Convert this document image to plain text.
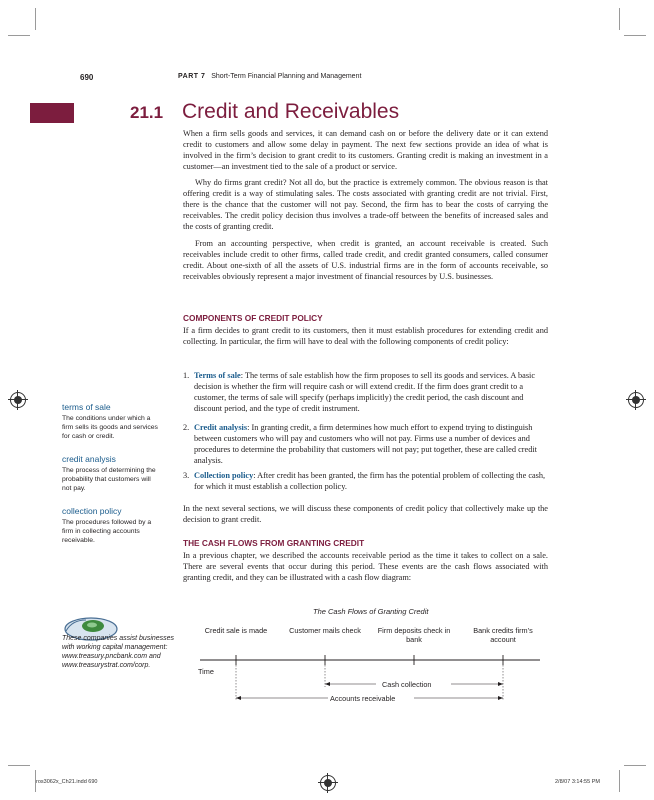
690	PART 7 Short-Term Financial Planning and Management
21.1 Credit and Receivables

When a firm sells goods and services, it can demand cash on or before the delivery date or it can extend credit to customers and allow some delay in payment. The next few sections provide an idea of what is involved in the firm’s decision to grant credit to its customers. Granting credit is making an investment in a customer—an investment tied to the sale of a product or service.

Why do firms grant credit? Not all do, but the practice is extremely common. The obvious reason is that offering credit is a way of stimulating sales. The costs associated with granting credit are not trivial. First, there is the chance that the customer will not pay. Second, the firm has to bear the costs of carrying the receivables. The credit policy decision thus involves a trade-off between the benefits of increased sales and the costs of granting credit.

From an accounting perspective, when credit is granted, an account receivable is created. Such receivables include credit to other firms, called trade credit, and credit granted consumers, called consumer credit. About one-sixth of all the assets of U.S. industrial firms are in the form of accounts receivable, so receivables obviously represent a major investment of financial resources by U.S. businesses.

COMPONENTS OF CREDIT POLICY

If a firm decides to grant credit to its customers, then it must establish procedures for extending credit and collecting. In particular, the firm will have to deal with the following components of credit policy:

1. Terms of sale: The terms of sale establish how the firm proposes to sell its goods and services. A basic decision is whether the firm will require cash or will extend credit. If the firm does grant credit to a customer, the terms of sale will specify (perhaps implicitly) the credit period, the cash discount and discount period, and the type of credit instrument.
2. Credit analysis: In granting credit, a firm determines how much effort to expend trying to distinguish between customers who will pay and customers who will not pay. Firms use a number of devices and procedures to determine the probability that customers will not pay; put together, these are called credit analysis.
3. Collection policy: After credit has been granted, the firm has the potential problem of collecting the cash, for which it must establish a collection policy.

In the next several sections, we will discuss these components of credit policy that collectively make up the decision to grant credit.

THE CASH FLOWS FROM GRANTING CREDIT

In a previous chapter, we described the accounts receivable period as the time it takes to collect on a sale. There are several events that occur during this period. These events are the cash flows associated with granting credit, and they can be illustrated with a cash flow diagram:

terms of sale
The conditions under which a firm sells its goods and services for cash or credit.
credit analysis
The process of determining the probability that customers will not pay.
collection policy
The procedures followed by a firm in collecting accounts receivable.
These companies assist businesses with working capital management: www.treasury.pncbank.com and www.treasurystrat.com/corp.
The Cash Flows of Granting Credit
Credit sale is made	Customer mails check Firm deposits check in bank
Bank credits firm’s account
Time
Cash collection
Accounts receivable
ros3062x_Ch21.indd 690	2/8/07 3:14:55 PM
